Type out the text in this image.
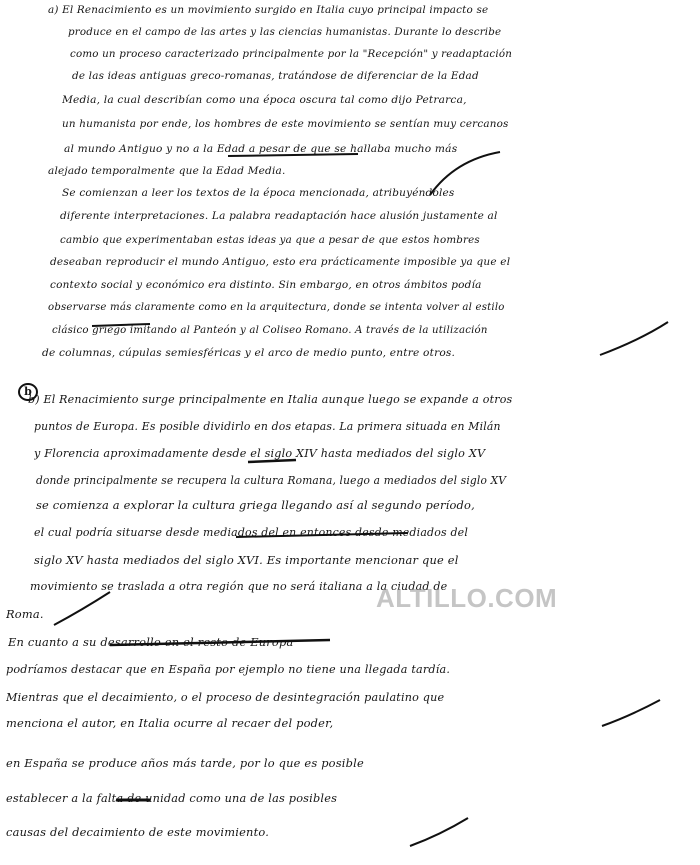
a) El Renacimiento es un movimiento surgido en Italia cuyo principal impacto se
produce en el campo de las artes y las ciencias humanistas. Durante lo describe
como un proceso caracterizado principalmente por la "Recepción" y readaptación
de las ideas antiguas greco-romanas, tratándose de diferenciar de la Edad
Media, la cual describían como una época oscura tal como dijo Petrarca,
un humanista por ende, los hombres de este movimiento se sentían muy cercanos
al mundo Antiguo y no a la Edad a pesar de que se hallaba mucho más
alejado temporalmente que la Edad Media.
Se comienzan a leer los textos de la época mencionada, atribuyéndoles
diferente interpretaciones. La palabra readaptación hace alusión justamente al
cambio que experimentaban estas ideas ya que a pesar de que estos hombres
deseaban reproducir el mundo Antiguo, esto era prácticamente imposible ya que el
contexto social y económico era distinto. Sin embargo, en otros ámbitos podía
observarse más claramente como en la arquitectura, donde se intenta volver al estilo
clásico griego imitando al Panteón y al Coliseo Romano. A través de la utilización
de columnas, cúpulas semiesféricas y el arco de medio punto, entre otros.
b) El Renacimiento surge principalmente en Italia aunque luego se expande a otros
puntos de Europa. Es posible dividirlo en dos etapas. La primera situada en Milán
y Florencia aproximadamente desde el siglo XIV hasta mediados del siglo XV
donde principalmente se recupera la cultura Romana, luego a mediados del siglo XV
se comienza a explorar la cultura griega llegando así al segundo período,
el cual podría situarse desde mediados del en entonces desde mediados del
siglo XV hasta mediados del siglo XVI. Es importante mencionar que el
movimiento se traslada a otra región que no será italiana a la ciudad de
Roma.
En cuanto a su desarrollo en el resto de Europa
podríamos destacar que en España por ejemplo no tiene una llegada tardía.
Mientras que el decaimiento, o el proceso de desintegración paulatino que
menciona el autor, en Italia ocurre al recaer del poder,
en España se produce años más tarde, por lo que es posible
establecer a la falta de unidad como una de las posibles
causas del decaimiento de este movimiento.
b
ALTILLO.COM
